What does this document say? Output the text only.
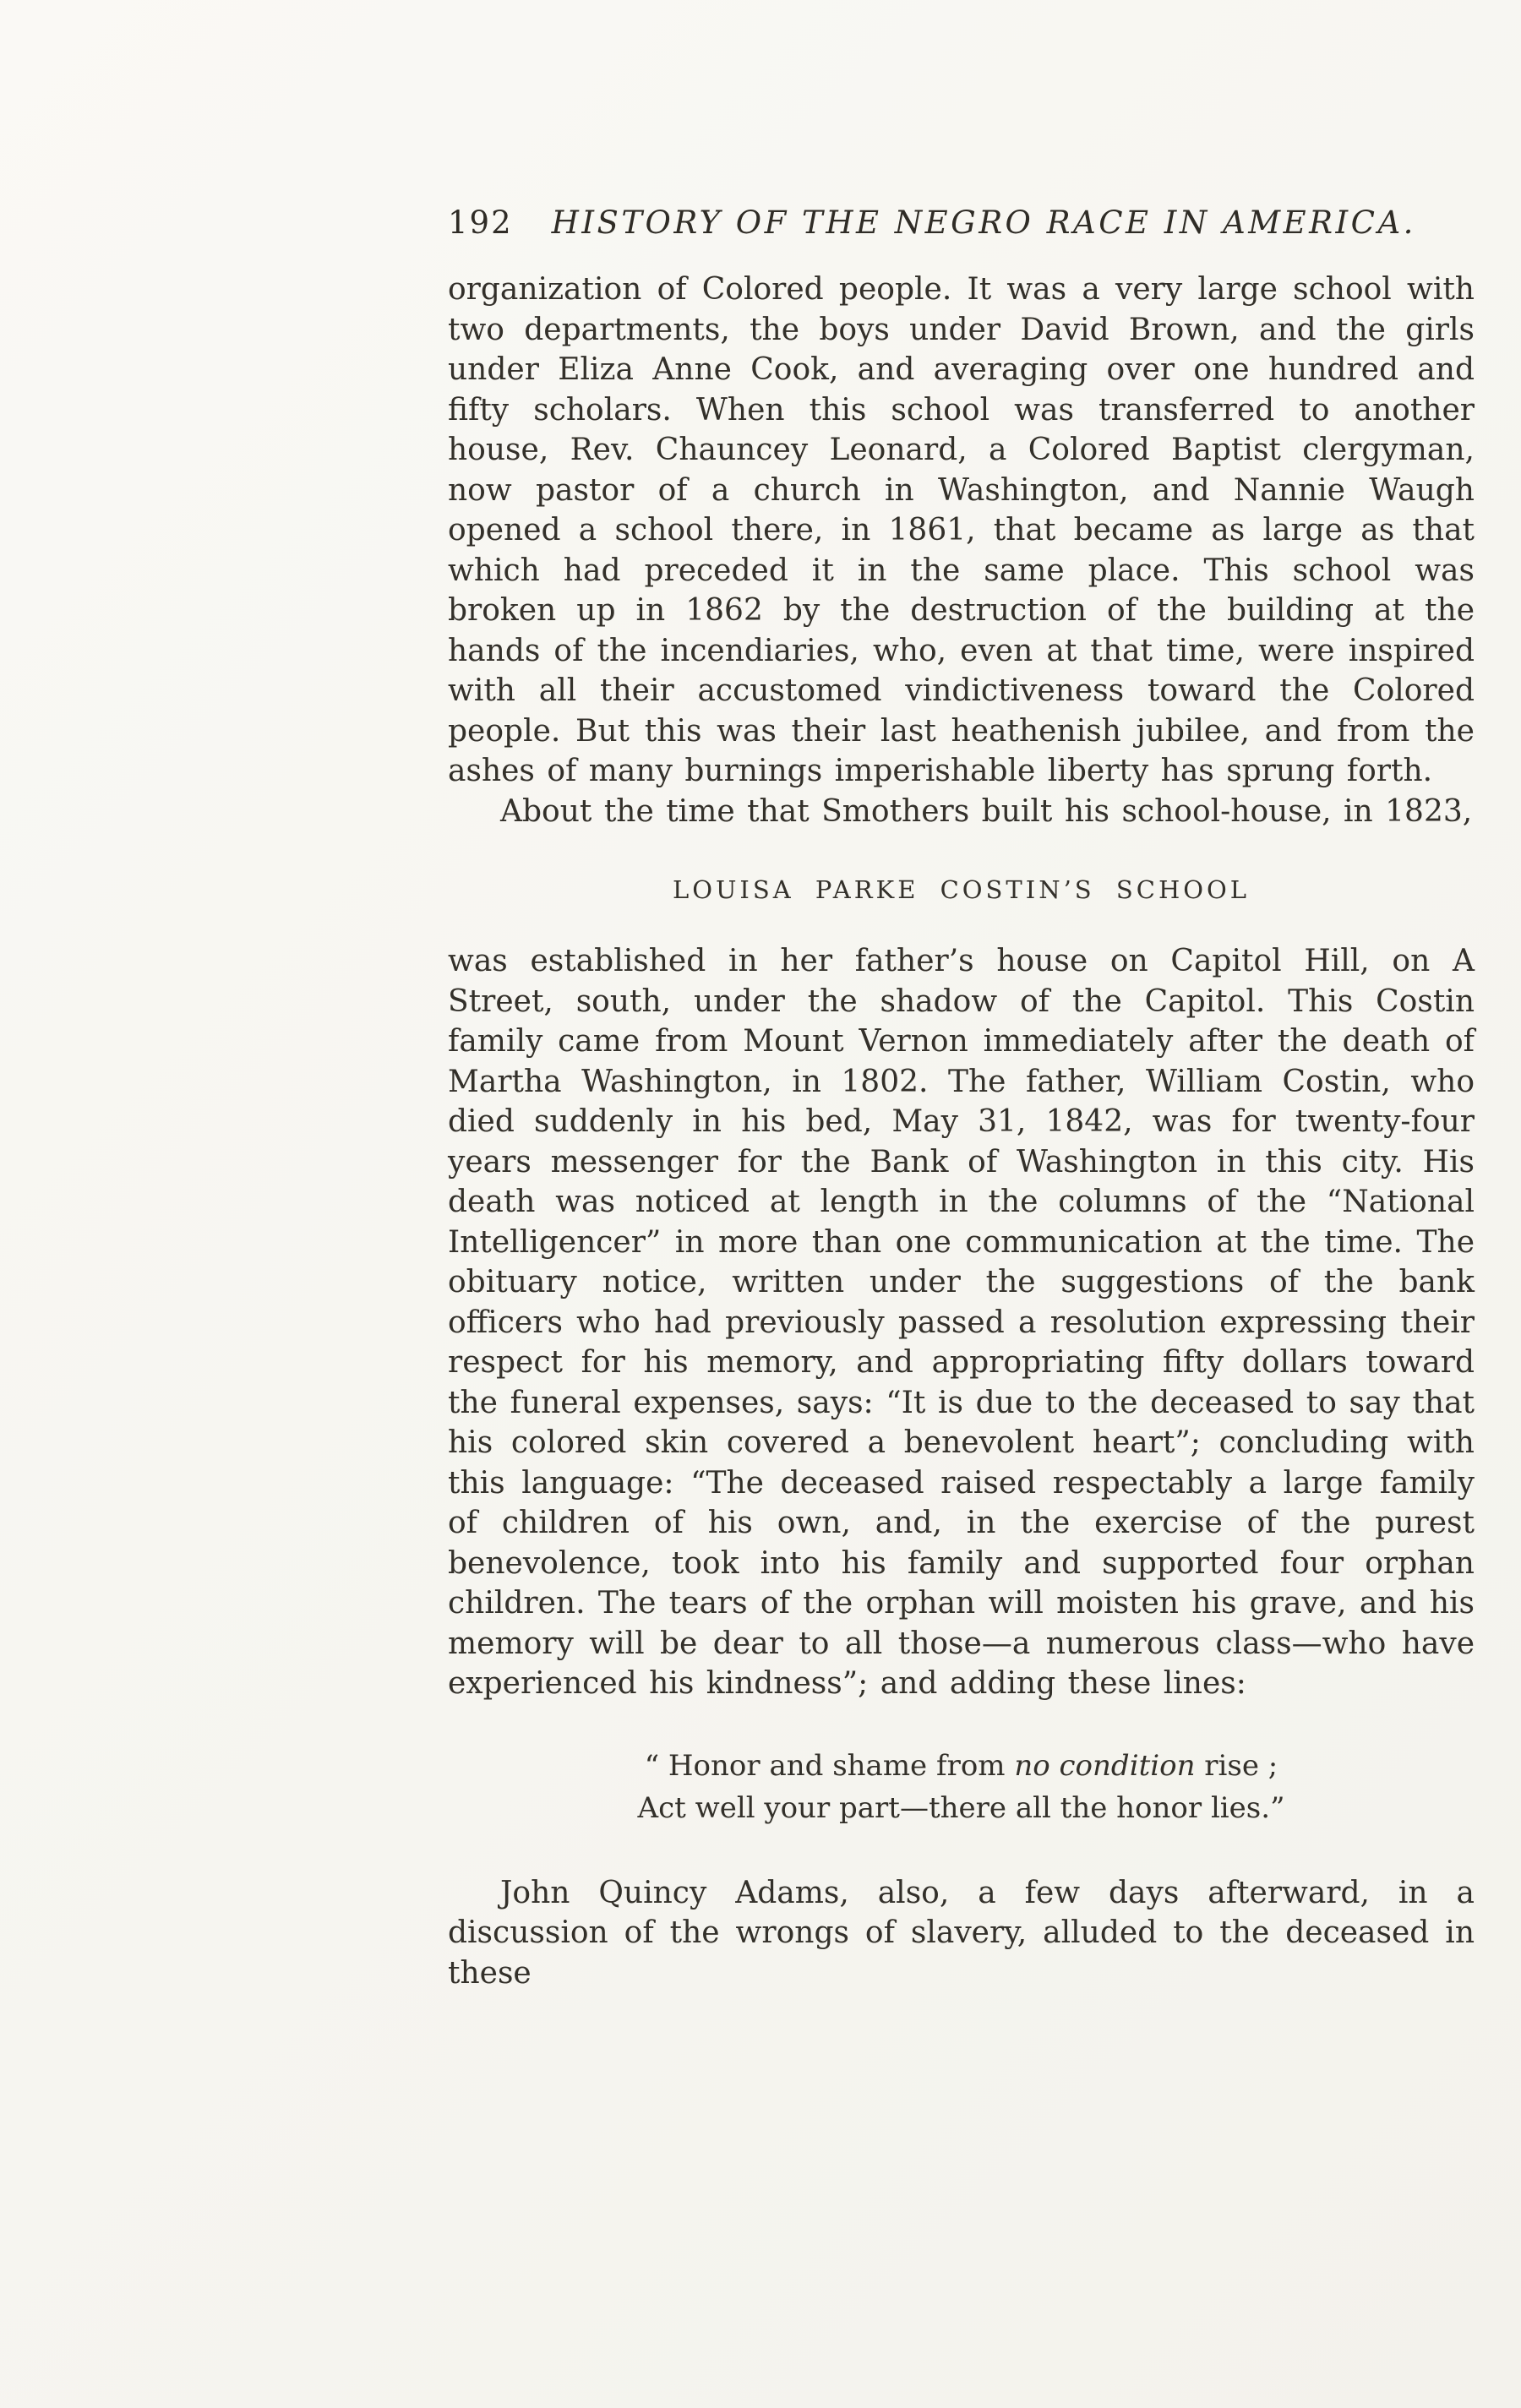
192 HISTORY OF THE NEGRO RACE IN AMERICA.

organization of Colored people. It was a very large school with two departments, the boys under David Brown, and the girls under Eliza Anne Cook, and averaging over one hundred and fifty scholars. When this school was transferred to another house, Rev. Chauncey Leonard, a Colored Baptist clergyman, now pastor of a church in Washington, and Nannie Waugh opened a school there, in 1861, that became as large as that which had preceded it in the same place. This school was broken up in 1862 by the destruction of the building at the hands of the incendiaries, who, even at that time, were inspired with all their accustomed vindictiveness toward the Colored people. But this was their last heathenish jubilee, and from the ashes of many burnings imperishable liberty has sprung forth.

About the time that Smothers built his school-house, in 1823,

LOUISA PARKE COSTIN’S SCHOOL

was established in her father’s house on Capitol Hill, on A Street, south, under the shadow of the Capitol. This Costin family came from Mount Vernon immediately after the death of Martha Washington, in 1802. The father, William Costin, who died suddenly in his bed, May 31, 1842, was for twenty-four years messenger for the Bank of Washington in this city. His death was noticed at length in the columns of the “National Intelligencer” in more than one communication at the time. The obituary notice, written under the suggestions of the bank officers who had previously passed a resolution expressing their respect for his memory, and appropriating fifty dollars toward the funeral expenses, says: “It is due to the deceased to say that his colored skin covered a benevolent heart”; concluding with this language: “The deceased raised respectably a large family of children of his own, and, in the exercise of the purest benevolence, took into his family and supported four orphan children. The tears of the orphan will moisten his grave, and his memory will be dear to all those—a numerous class—who have experienced his kindness”; and adding these lines:

“ Honor and shame from no condition rise ;
Act well your part—there all the honor lies.”

John Quincy Adams, also, a few days afterward, in a discussion of the wrongs of slavery, alluded to the deceased in these
